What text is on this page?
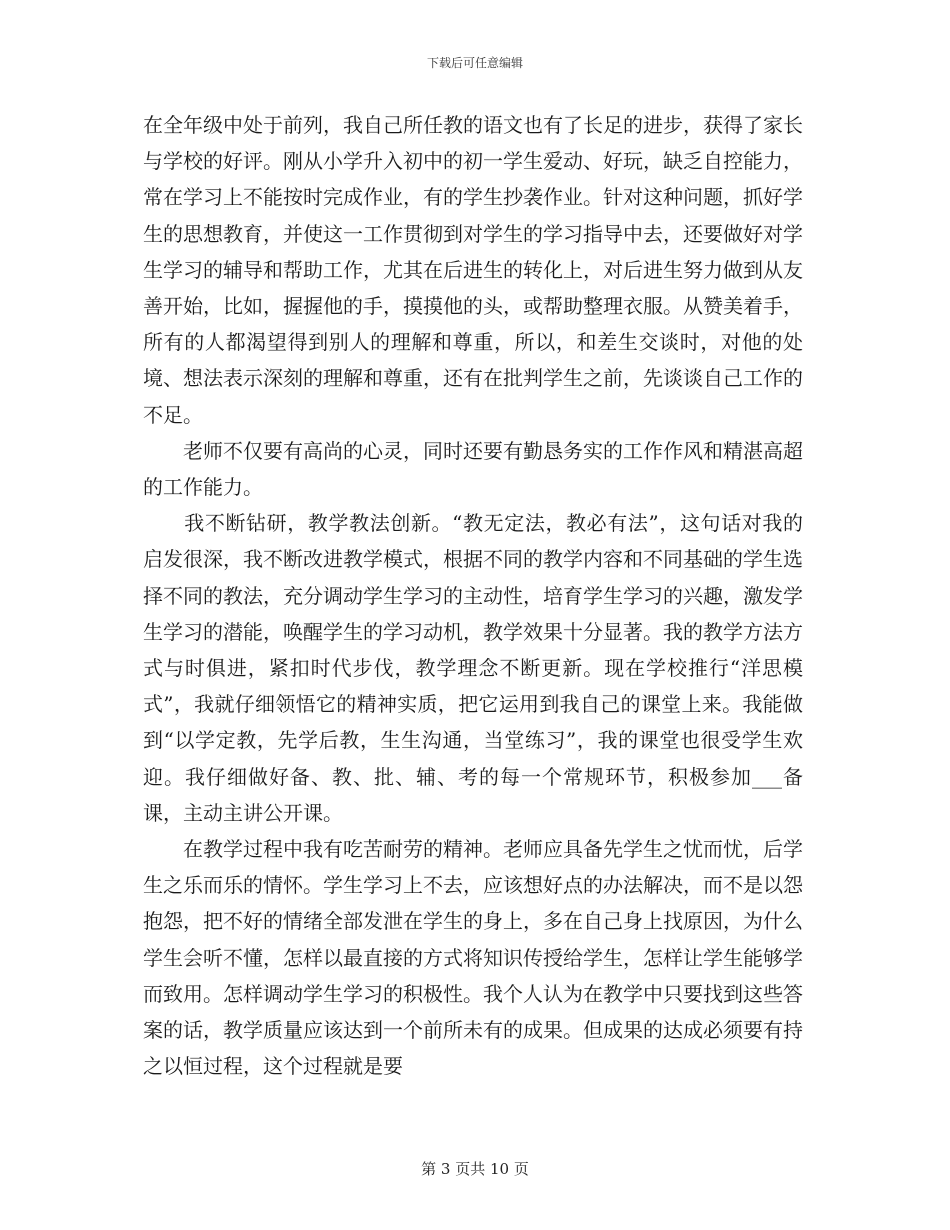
下载后可任意编辑

在全年级中处于前列，我自己所任教的语文也有了长足的进步，获得了家长与学校的好评。刚从小学升入初中的初一学生爱动、好玩，缺乏自控能力，常在学习上不能按时完成作业，有的学生抄袭作业。针对这种问题，抓好学生的思想教育，并使这一工作贯彻到对学生的学习指导中去，还要做好对学生学习的辅导和帮助工作，尤其在后进生的转化上，对后进生努力做到从友善开始，比如，握握他的手，摸摸他的头，或帮助整理衣服。从赞美着手，所有的人都渴望得到别人的理解和尊重，所以，和差生交谈时，对他的处境、想法表示深刻的理解和尊重，还有在批判学生之前，先谈谈自己工作的不足。

　　老师不仅要有高尚的心灵，同时还要有勤恳务实的工作作风和精湛高超的工作能力。

　　我不断钻研，教学教法创新。“教无定法，教必有法”，这句话对我的启发很深，我不断改进教学模式，根据不同的教学内容和不同基础的学生选择不同的教法，充分调动学生学习的主动性，培育学生学习的兴趣，激发学生学习的潜能，唤醒学生的学习动机，教学效果十分显著。我的教学方法方式与时俱进，紧扣时代步伐，教学理念不断更新。现在学校推行“洋思模式”，我就仔细领悟它的精神实质，把它运用到我自己的课堂上来。我能做到“以学定教，先学后教，生生沟通，当堂练习”，我的课堂也很受学生欢迎。我仔细做好备、教、批、辅、考的每一个常规环节，积极参加___备课，主动主讲公开课。

　　在教学过程中我有吃苦耐劳的精神。老师应具备先学生之忧而忧，后学生之乐而乐的情怀。学生学习上不去，应该想好点的办法解决，而不是以怨抱怨，把不好的情绪全部发泄在学生的身上，多在自己身上找原因，为什么学生会听不懂，怎样以最直接的方式将知识传授给学生，怎样让学生能够学而致用。怎样调动学生学习的积极性。我个人认为在教学中只要找到这些答案的话，教学质量应该达到一个前所未有的成果。但成果的达成必须要有持之以恒过程，这个过程就是要

第 3 页共 10 页
